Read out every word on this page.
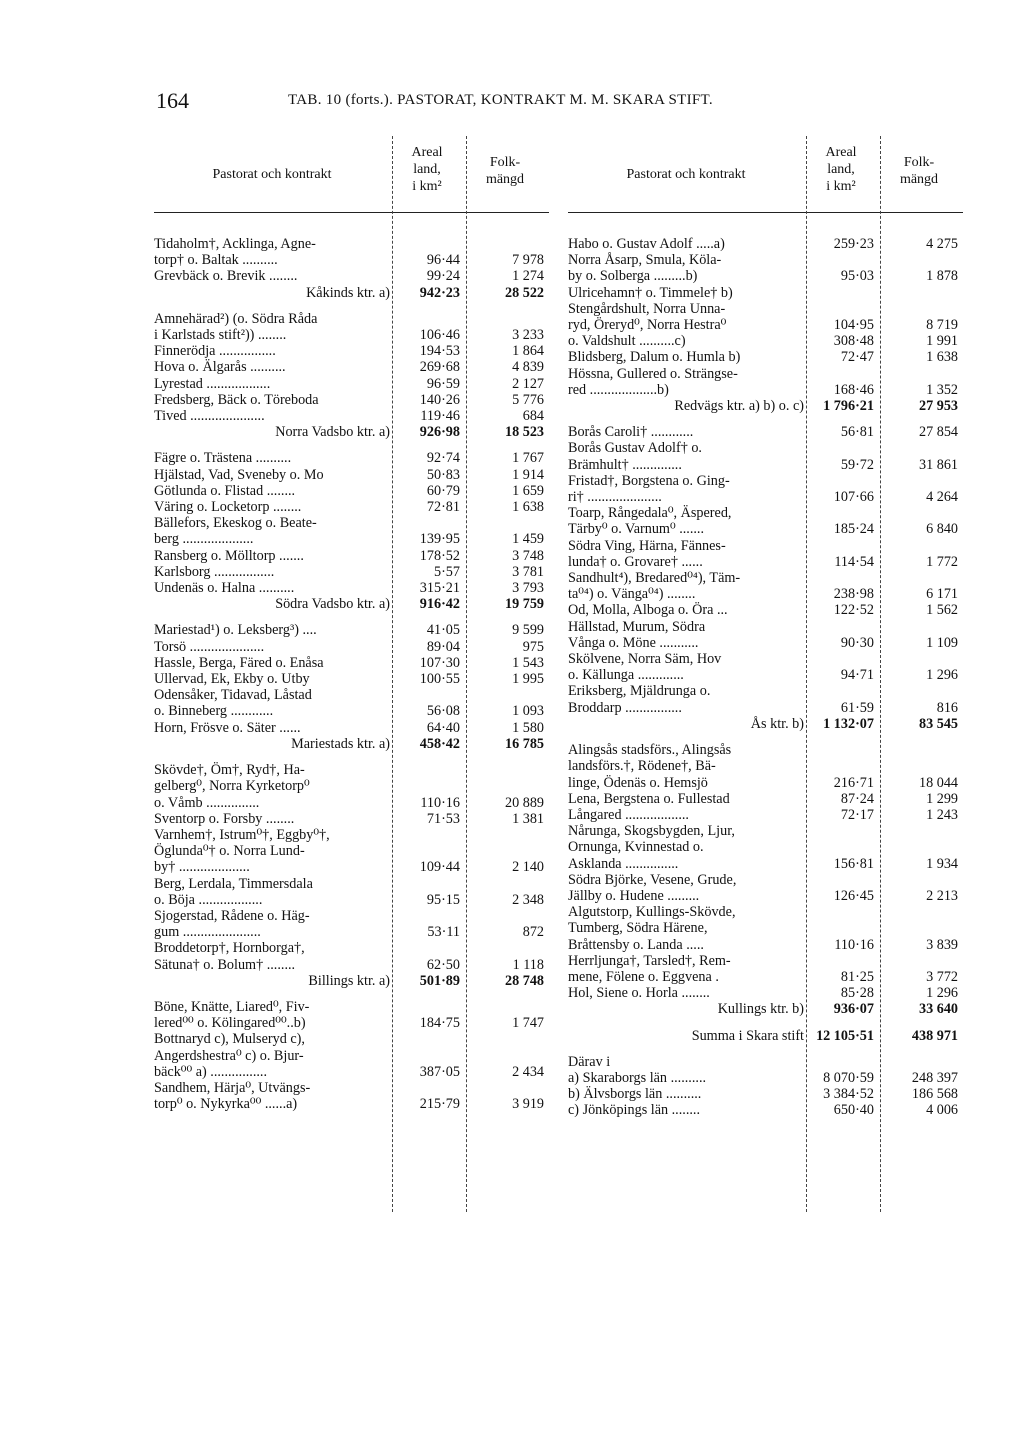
164	TAB. 10 (forts.). PASTORAT, KONTRAKT M. M. SKARA STIFT.
Pastorat och kontrakt
Areal
land,
i km²
Folk-
mängd
Tidaholm†, Acklinga, Agne-
torp† o. Baltak ..........	96·44	7 978
Grevbäck o. Brevik ........	99·24	1 274
Kåkinds ktr. a)	942·23	28 522
Amnehärad²) (o. Södra Råda
i Karlstads stift²)) ........	106·46	3 233
Finnerödja ................	194·53	1 864
Hova o. Älgarås ..........	269·68	4 839
Lyrestad ..................	96·59	2 127
Fredsberg, Bäck o. Töreboda	140·26	5 776
Tived .....................	119·46	684
Norra Vadsbo ktr. a)	926·98	18 523
Fägre o. Trästena ..........	92·74	1 767
Hjälstad, Vad, Sveneby o. Mo	50·83	1 914
Götlunda o. Flistad ........	60·79	1 659
Väring o. Locketorp ........	72·81	1 638
Bällefors, Ekeskog o. Beate-
berg ....................	139·95	1 459
Ransberg o. Mölltorp .......	178·52	3 748
Karlsborg .................	5·57	3 781
Undenäs o. Halna ..........	315·21	3 793
Södra Vadsbo ktr. a)	916·42	19 759
Mariestad¹) o. Leksberg³) ....	41·05	9 599
Torsö .....................	89·04	975
Hassle, Berga, Färed o. Enåsa	107·30	1 543
Ullervad, Ek, Ekby o. Utby	100·55	1 995
Odensåker, Tidavad, Låstad
o. Binneberg ............	56·08	1 093
Horn, Frösve o. Säter ......	64·40	1 580
Mariestads ktr. a)	458·42	16 785
Skövde†, Öm†, Ryd†, Ha-
gelberg⁰, Norra Kyrketorp⁰
o. Våmb ...............	110·16	20 889
Sventorp o. Forsby ........	71·53	1 381
Varnhem†, Istrum⁰†, Eggby⁰†,
Öglunda⁰† o. Norra Lund-
by† ....................	109·44	2 140
Berg, Lerdala, Timmersdala
o. Böja ..................	95·15	2 348
Sjogerstad, Rådene o. Häg-
gum ......................	53·11	872
Broddetorp†, Hornborga†,
Sätuna† o. Bolum† ........	62·50	1 118
Billings ktr. a)	501·89	28 748
Böne, Knätte, Liared⁰, Fiv-
lered⁰⁰ o. Kölingared⁰⁰..b)	184·75	1 747
Bottnaryd c), Mulseryd c),
Angerdshestra⁰ c) o. Bjur-
bäck⁰⁰ a) ................	387·05	2 434
Sandhem, Härja⁰, Utvängs-
torp⁰ o. Nykyrka⁰⁰ ......a)	215·79	3 919
Pastorat och kontrakt
Areal
land,
i km²
Folk-
mängd
Habo o. Gustav Adolf .....a)	259·23	4 275
Norra Åsarp, Smula, Köla-
by o. Solberga .........b)	95·03	1 878
Ulricehamn† o. Timmele† b)
Stengårdshult, Norra Unna-
ryd, Öreryd⁰, Norra Hestra⁰	104·95	8 719
o. Valdshult ..........c)	308·48	1 991
Blidsberg, Dalum o. Humla b)	72·47	1 638
Hössna, Gullered o. Strängse-
red ...................b)	168·46	1 352
Redvägs ktr. a) b) o. c)	1 796·21	27 953
Borås Caroli† ............	56·81	27 854
Borås Gustav Adolf† o.
Brämhult† ..............	59·72	31 861
Fristad†, Borgstena o. Ging-
ri† .....................	107·66	4 264
Toarp, Rångedala⁰, Äspered,
Tärby⁰ o. Varnum⁰ .......	185·24	6 840
Södra Ving, Härna, Fännes-
lunda† o. Grovare† ......	114·54	1 772
Sandhult⁴), Bredared⁰⁴), Täm-
ta⁰⁴) o. Vänga⁰⁴) ........	238·98	6 171
Od, Molla, Alboga o. Öra ...	122·52	1 562
Hällstad, Murum, Södra
Vånga o. Möne ...........	90·30	1 109
Skölvene, Norra Säm, Hov
o. Källunga .............	94·71	1 296
Eriksberg, Mjäldrunga o.
Broddarp ................	61·59	816
Ås ktr. b)	1 132·07	83 545
Alingsås stadsförs., Alingsås
landsförs.†, Rödene†, Bä-
linge, Ödenäs o. Hemsjö	216·71	18 044
Lena, Bergstena o. Fullestad	87·24	1 299
Långared ..................	72·17	1 243
Nårunga, Skogsbygden, Ljur,
Ornunga, Kvinnestad o.
Asklanda ...............	156·81	1 934
Södra Björke, Vesene, Grude,
Jällby o. Hudene .........	126·45	2 213
Algutstorp, Kullings-Skövde,
Tumberg, Södra Härene,
Bråttensby o. Landa .....	110·16	3 839
Herrljunga†, Tarsled†, Rem-
mene, Fölene o. Eggvena .	81·25	3 772
Hol, Siene o. Horla ........	85·28	1 296
Kullings ktr. b)	936·07	33 640
Summa i Skara stift 12 105·51	438 971
Därav i
a) Skaraborgs län ..........	8 070·59	248 397
b) Älvsborgs län ..........	3 384·52	186 568
c) Jönköpings län ........	650·40	4 006
